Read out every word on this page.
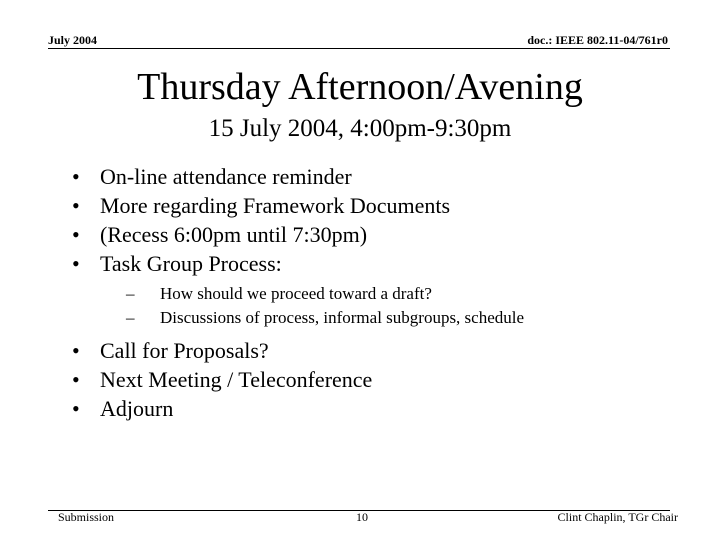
July 2004	doc.: IEEE 802.11-04/761r0
Thursday Afternoon/Avening
15 July 2004, 4:00pm-9:30pm
• On-line attendance reminder
• More regarding Framework Documents
• (Recess 6:00pm until 7:30pm)
• Task Group Process:
– How should we proceed toward a draft?
– Discussions of process, informal subgroups, schedule
• Call for Proposals?
• Next Meeting / Teleconference
• Adjourn
Submission	10	Clint Chaplin, TGr Chair
